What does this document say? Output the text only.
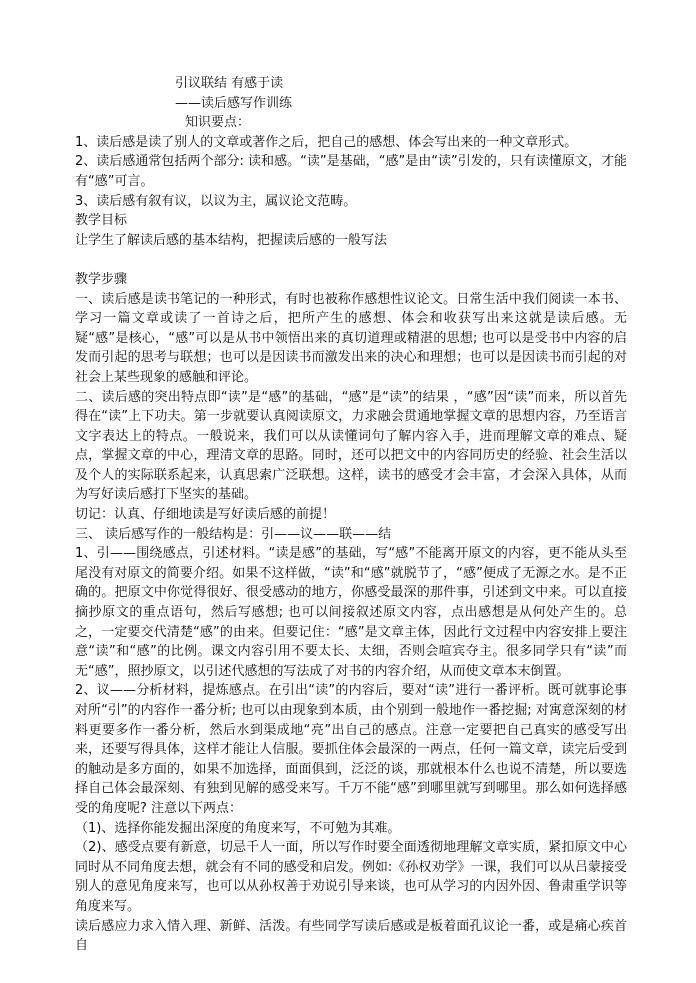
引议联结 有感于读

——读后感写作训练

知识要点：

1、读后感是读了别人的文章或著作之后，把自己的感想、体会写出来的一种文章形式。

2、读后感通常包括两个部分: 读和感。“读”是基础，“感”是由“读”引发的，只有读懂原文，才能有“感”可言。

3、读后感有叙有议，以议为主，属议论文范畴。

教学目标

让学生了解读后感的基本结构，把握读后感的一般写法

教学步骤

一、读后感是读书笔记的一种形式，有时也被称作感想性议论文。日常生活中我们阅读一本书、学习一篇文章或读了一首诗之后，把所产生的感想、体会和收获写出来这就是读后感。无疑“感”是核心，“感”可以是从书中领悟出来的真切道理或精湛的思想; 也可以是受书中内容的启发而引起的思考与联想；也可以是因读书而激发出来的决心和理想；也可以是因读书而引起的对社会上某些现象的感触和评论。

二、读后感的突出特点即“读”是“感”的基础，“感”是“读”的结果 ，“感”因“读”而来，所以首先得在“读”上下功夫。第一步就要认真阅读原文，力求融会贯通地掌握文章的思想内容，乃至语言文字表达上的特点。一般说来，我们可以从读懂词句了解内容入手，进而理解文章的难点、疑点，掌握文章的中心，理清文章的思路。同时，还可以把文中的内容同历史的经验、社会生活以及个人的实际联系起来，认真思索广泛联想。这样，读书的感受才会丰富，才会深入具体，从而为写好读后感打下坚实的基础。

切记：认真、仔细地读是写好读后感的前提！

三、 读后感写作的一般结构是：引——议——联——结

1、引——围绕感点，引述材料。“读是感”的基础，写“感”不能离开原文的内容，更不能从头至尾没有对原文的简要介绍。如果不这样做，“读”和“感”就脱节了，“感”便成了无源之水。是不正确的。把原文中你觉得很好、很受感动的地方，你感受最深的那件事，引述到文中来。可以直接摘抄原文的重点语句，然后写感想; 也可以间接叙述原文内容，点出感想是从何处产生的。总之，一定要交代清楚“感”的由来。但要记住：“感”是文章主体，因此行文过程中内容安排上要注意“读”和“感”的比例。课文内容引用不要太长、太细，否则会喧宾夺主。很多同学只有“读”而无“感”，照抄原文，以引述代感想的写法成了对书的内容介绍，从而使文章本末倒置。

2、议——分析材料，提炼感点。在引出“读”的内容后，要对“读”进行一番评析。既可就事论事对所“引”的内容作一番分析; 也可以由现象到本质，由个别到一般地作一番挖掘; 对寓意深刻的材料更要多作一番分析，然后水到渠成地“亮”出自己的感点。注意一定要把自己真实的感受写出来，还要写得具体，这样才能让人信服。要抓住体会最深的一两点，任何一篇文章，读完后受到的触动是多方面的，如果不加选择，面面俱到，泛泛的谈，那就根本什么也说不清楚，所以要选择自己体会最深刻、有独到见解的感受来写。千万不能“感”到哪里就写到哪里。那么如何选择感受的角度呢? 注意以下两点：

（1)、选择你能发掘出深度的角度来写，不可勉为其难。

（2)、感受点要有新意，切忌千人一面，所以写作时要全面透彻地理解文章实质，紧扣原文中心同时从不同角度去想，就会有不同的感受和启发。例如:《孙权劝学》一课，我们可以从吕蒙接受别人的意见角度来写，也可以从孙权善于劝说引导来谈，也可从学习的内因外因、鲁肃重学识等角度来写。

读后感应力求入情入理、新鲜、活泼。有些同学写读后感或是板着面孔议论一番，或是痛心疾首自
